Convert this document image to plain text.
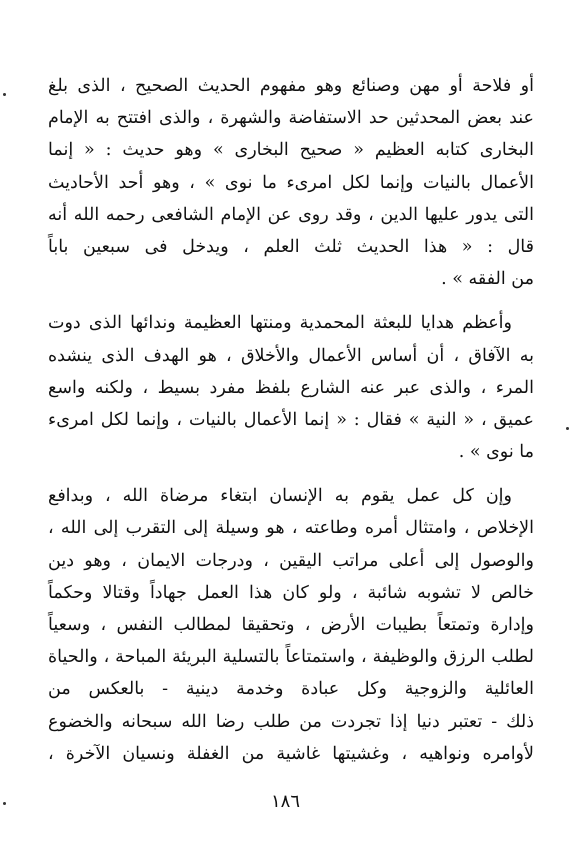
أو فلاحة أو مهن وصنائع وهو مفهوم الحديث الصحيح ، الذى بلغ
عند بعض المحدثين حد الاستفاضة والشهرة ، والذى افتتح به الإمام
البخارى كتابه العظيم « صحيح البخارى » وهو حديث : « إنما
الأعمال بالنيات وإنما لكل امرىء ما نوى » ، وهو أحد الأحاديث
التى يدور عليها الدين ، وقد روى عن الإمام الشافعى رحمه الله أنه
قال : « هذا الحديث ثلث العلم ، ويدخل فى سبعين باباً
من الفقه » .
وأعظم هدايا للبعثة المحمدية ومنتها العظيمة وندائها الذى دوت
به الآفاق ، أن أساس الأعمال والأخلاق ، هو الهدف الذى ينشده
المرء ، والذى عبر عنه الشارع بلفظ مفرد بسيط ، ولكنه واسع
عميق ، « النية » فقال : « إنما الأعمال بالنيات ، وإنما لكل امرىء
ما نوى » .
وإن كل عمل يقوم به الإنسان ابتغاء مرضاة الله ، وبدافع
الإخلاص ، وامتثال أمره وطاعته ، هو وسيلة إلى التقرب إلى الله ،
والوصول إلى أعلى مراتب اليقين ، ودرجات الايمان ، وهو دين
خالص لا تشوبه شائبة ، ولو كان هذا العمل جهاداً وقتالا وحكماً
وإدارة وتمتعاً بطيبات الأرض ، وتحقيقا لمطالب النفس ، وسعياً
لطلب الرزق والوظيفة ، واستمتاعاً بالتسلية البريئة المباحة ، والحياة
العائلية والزوجية وكل عبادة وخدمة دينية - بالعكس من
ذلك - تعتبر دنيا إذا تجردت من طلب رضا الله سبحانه والخضوع
لأوامره ونواهيه ، وغشيتها غاشية من الغفلة ونسيان الآخرة ،
١٨٦
